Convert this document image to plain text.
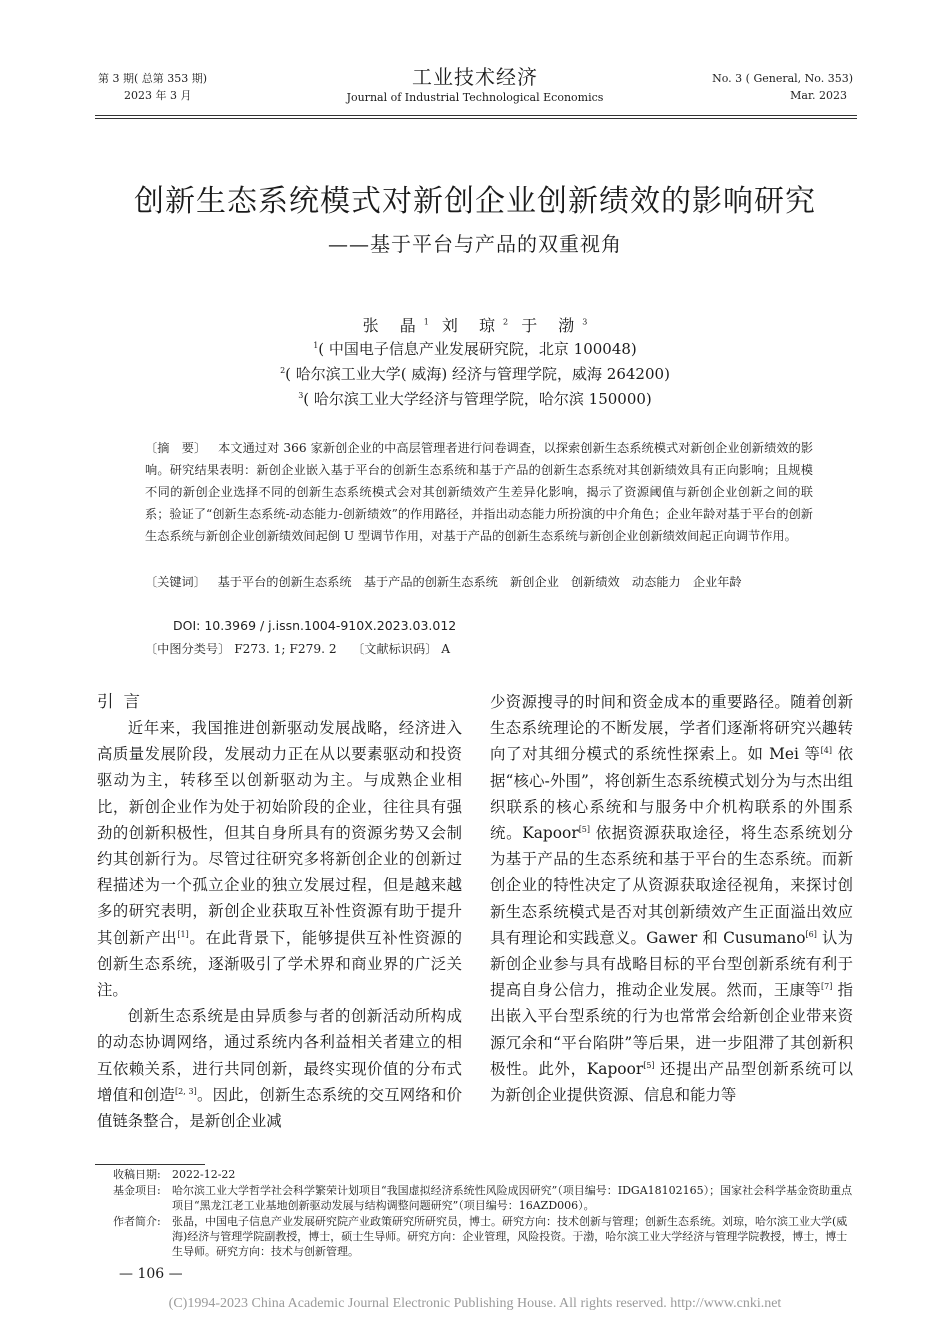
第 3 期( 总第 353 期)
2023 年 3 月
工业技术经济
Journal of Industrial Technological Economics
No. 3 ( General, No. 353)
Mar. 2023
创新生态系统模式对新创企业创新绩效的影响研究
——基于平台与产品的双重视角
张 晶$^1$ 刘 琼$^2$ 于 渤$^3$
$^1$( 中国电子信息产业发展研究院，北京 100048)
$^2$( 哈尔滨工业大学( 威海) 经济与管理学院，威海 264200)
$^3$( 哈尔滨工业大学经济与管理学院，哈尔滨 150000)
〔摘　要〕 本文通过对 366 家新创企业的中高层管理者进行问卷调查，以探索创新生态系统模式对新创企业创新绩效的影响。研究结果表明：新创企业嵌入基于平台的创新生态系统和基于产品的创新生态系统对其创新绩效具有正向影响；且规模不同的新创企业选择不同的创新生态系统模式会对其创新绩效产生差异化影响，揭示了资源阈值与新创企业创新之间的联系；验证了“创新生态系统-动态能力-创新绩效”的作用路径，并指出动态能力所扮演的中介角色；企业年龄对基于平台的创新生态系统与新创企业创新绩效间起倒 U 型调节作用，对基于产品的创新生态系统与新创企业创新绩效间起正向调节作用。
〔关键词〕 基于平台的创新生态系统　基于产品的创新生态系统　新创企业　创新绩效　动态能力　企业年龄
DOI: 10.3969 / j.issn.1004-910X.2023.03.012
〔中图分类号〕 F273. 1; F279. 2 〔文献标识码〕 A
引言

近年来，我国推进创新驱动发展战略，经济进入高质量发展阶段，发展动力正在从以要素驱动和投资驱动为主，转移至以创新驱动为主。与成熟企业相比，新创企业作为处于初始阶段的企业，往往具有强劲的创新积极性，但其自身所具有的资源劣势又会制约其创新行为。尽管过往研究多将新创企业的创新过程描述为一个孤立企业的独立发展过程，但是越来越多的研究表明，新创企业获取互补性资源有助于提升其创新产出[1]。在此背景下，能够提供互补性资源的创新生态系统，逐渐吸引了学术界和商业界的广泛关注。

创新生态系统是由异质参与者的创新活动所构成的动态协调网络，通过系统内各利益相关者建立的相互依赖关系，进行共同创新，最终实现价值的分布式增值和创造[2, 3]。因此，创新生态系统的交互网络和价值链条整合，是新创企业减

少资源搜寻的时间和资金成本的重要路径。随着创新生态系统理论的不断发展，学者们逐渐将研究兴趣转向了对其细分模式的系统性探索上。如 Mei 等[4] 依据“核心-外围”，将创新生态系统模式划分为与杰出组织联系的核心系统和与服务中介机构联系的外围系统。Kapoor[5] 依据资源获取途径，将生态系统划分为基于产品的生态系统和基于平台的生态系统。而新创企业的特性决定了从资源获取途径视角，来探讨创新生态系统模式是否对其创新绩效产生正面溢出效应具有理论和实践意义。Gawer 和 Cusumano[6] 认为新创企业参与具有战略目标的平台型创新系统有利于提高自身公信力，推动企业发展。然而，王康等[7] 指出嵌入平台型系统的行为也常常会给新创企业带来资源冗余和“平台陷阱”等后果，进一步阻滞了其创新积极性。此外，Kapoor[5] 还提出产品型创新系统可以为新创企业提供资源、信息和能力等

收稿日期: 2022-12-22
基金项目: 哈尔滨工业大学哲学社会科学繁荣计划项目“我国虚拟经济系统性风险成因研究”（项目编号：IDGA18102165）；国家社会科学基金资助重点项目“黑龙江老工业基地创新驱动发展与结构调整问题研究”（项目编号：16AZD006）。
作者简介: 张晶，中国电子信息产业发展研究院产业政策研究所研究员，博士。研究方向：技术创新与管理；创新生态系统。刘琼，哈尔滨工业大学(威海)经济与管理学院副教授，博士，硕士生导师。研究方向：企业管理，风险投资。于渤，哈尔滨工业大学经济与管理学院教授，博士，博士生导师。研究方向：技术与创新管理。
— 106 —
(C)1994-2023 China Academic Journal Electronic Publishing House. All rights reserved. http://www.cnki.net
